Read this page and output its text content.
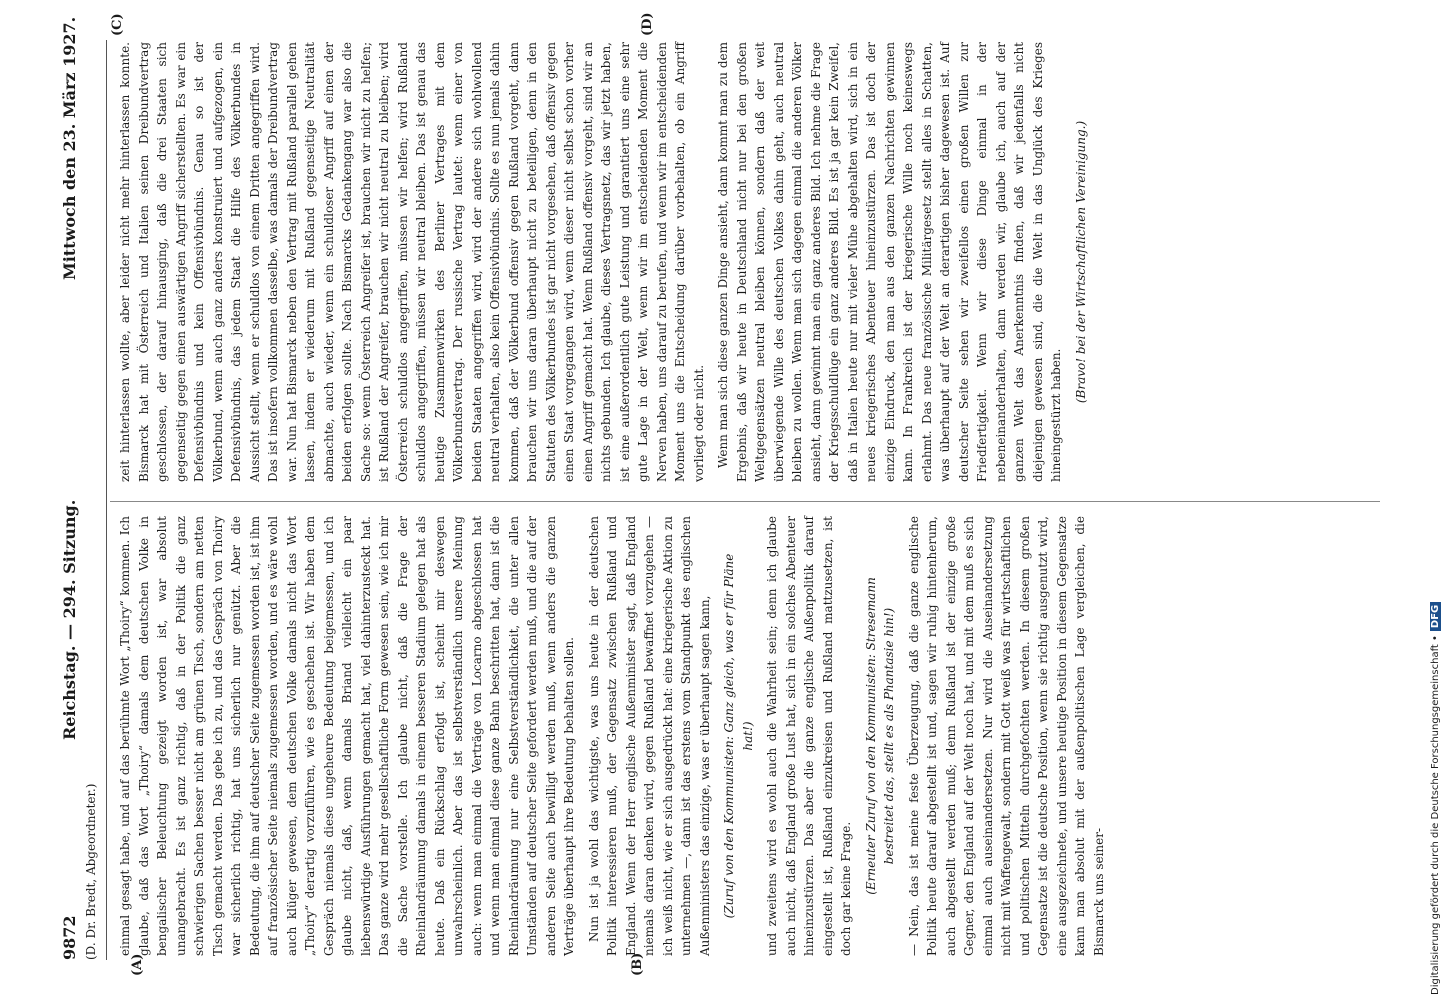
9872 (D. Dr. Bredt, Abgeordneter.)
Reichstag. — 294. Sitzung.
Mittwoch den 23. März 1927.
(A)	(B)
(C)	(D)

einmal gesagt habe, und auf das berühmte Wort „Thoiry“ kommen. Ich glaube, daß das Wort „Thoiry“ damals dem deutschen Volke in bengalischer Beleuchtung gezeigt worden ist, war absolut unangebracht. Es ist ganz richtig, daß in der Politik die ganz schwierigen Sachen besser nicht am grünen Tisch, sondern am netten Tisch gemacht werden. Das gebe ich zu, und das Gespräch von Thoiry war sicherlich richtig, hat uns sicherlich nur genützt. Aber die Bedeutung, die ihm auf deutscher Seite zugemessen worden ist, ist ihm auf französischer Seite niemals zugemessen worden, und es wäre wohl auch klüger gewesen, dem deutschen Volke damals nicht das Wort „Thoiry“ derartig vorzuführen, wie es geschehen ist. Wir haben dem Gespräch niemals diese ungeheure Bedeutung beigemessen, und ich glaube nicht, daß, wenn damals Briand vielleicht ein paar liebenswürdige Ausführungen gemacht hat, viel dahinterzusteckt hat. Das ganze wird mehr gesellschaftliche Form gewesen sein, wie ich mir die Sache vorstelle. Ich glaube nicht, daß die Frage der Rheinlandräumung damals in einem besseren Stadium gelegen hat als heute. Daß ein Rückschlag erfolgt ist, scheint mir deswegen unwahrscheinlich. Aber das ist selbstverständlich unsere Meinung auch: wenn man einmal die Verträge von Locarno abgeschlossen hat und wenn man einmal diese ganze Bahn beschritten hat, dann ist die Rheinlandräumung nur eine Selbstverständlichkeit, die unter allen Umständen auf deutscher Seite gefordert werden muß, und die auf der anderen Seite auch bewilligt werden muß, wenn anders die ganzen Verträge überhaupt ihre Bedeutung behalten sollen. Nun ist ja wohl das wichtigste, was uns heute in der deutschen Politik interessieren muß, der Gegensatz zwischen Rußland und England. Wenn der Herr englische Außenminister sagt, daß England niemals daran denken wird, gegen Rußland bewaffnet vorzugehen — ich weiß nicht, wie er sich ausgedrückt hat: eine kriegerische Aktion zu unternehmen —, dann ist das erstens vom Standpunkt des englischen Außenministers das einzige, was er überhaupt sagen kann, (Zuruf von den Kommunisten: Ganz gleich, was er für Pläne hat!) und zweitens wird es wohl auch die Wahrheit sein; denn ich glaube auch nicht, daß England große Lust hat, sich in ein solches Abenteuer hineinzustürzen. Das aber die ganze englische Außenpolitik darauf eingestellt ist, Rußland einzukreisen und Rußland mattzusetzen, ist doch gar keine Frage. (Erneuter Zuruf von den Kommunisten: Stresemann bestreitet das, stellt es als Phantasie hin!) — Nein, das ist meine feste Überzeugung, daß die ganze englische Politik heute darauf abgestellt ist und, sagen wir ruhig hintenherum, auch abgestellt werden muß; denn Rußland ist der einzige große Gegner, den England auf der Welt noch hat, und mit dem muß es sich einmal auch auseinandersetzen. Nur wird die Auseinandersetzung nicht mit Waffengewalt, sondern mit Gott weiß was für wirtschaftlichen und politischen Mitteln durchgefochten werden. In diesem großen Gegensatze ist die deutsche Position, wenn sie richtig ausgenutzt wird, eine ausgezeichnete, und unsere heutige Position in diesem Gegensatze kann man absolut mit der außenpolitischen Lage vergleichen, die Bismarck uns seiner-

zeit hinterlassen wollte, aber leider nicht mehr hinterlassen konnte. Bismarck hat mit Österreich und Italien seinen Dreibundvertrag geschlossen, der darauf hinausging, daß die drei Staaten sich gegenseitig gegen einen auswärtigen Angriff sicherstellten. Es war ein Defensivbündnis und kein Offensivbündnis. Genau so ist der Völkerbund, wenn auch ganz anders konstruiert und aufgezogen, ein Defensivbündnis, das jedem Staat die Hilfe des Völkerbundes in Aussicht stellt, wenn er schuldlos von einem Dritten angegriffen wird. Das ist insofern vollkommen dasselbe, was damals der Dreibundvertrag war. Nun hat Bismarck neben den Vertrag mit Rußland parallel gehen lassen, indem er wiederum mit Rußland gegenseitige Neutralität abmachte, auch wieder, wenn ein schuldloser Angriff auf einen der beiden erfolgen sollte. Nach Bismarcks Gedankengang war also die Sache so: wenn Österreich Angreifer ist, brauchen wir nicht zu helfen; ist Rußland der Angreifer, brauchen wir nicht neutral zu bleiben; wird Österreich schuldlos angegriffen, müssen wir helfen; wird Rußland schuldlos angegriffen, müssen wir neutral bleiben. Das ist genau das heutige Zusammenwirken des Berliner Vertrages mit dem Völkerbundsvertrag. Der russische Vertrag lautet: wenn einer von beiden Staaten angegriffen wird, wird der andere sich wohlwollend neutral verhalten, also kein Offensivbündnis. Sollte es nun jemals dahin kommen, daß der Völkerbund offensiv gegen Rußland vorgeht, dann brauchen wir uns daran überhaupt nicht zu beteiligen, denn in den Statuten des Völkerbundes ist gar nicht vorgesehen, daß offensiv gegen einen Staat vorgegangen wird, wenn dieser nicht selbst schon vorher einen Angriff gemacht hat. Wenn Rußland offensiv vorgeht, sind wir an nichts gebunden. Ich glaube, dieses Vertragsnetz, das wir jetzt haben, ist eine außerordentlich gute Leistung und garantiert uns eine sehr gute Lage in der Welt, wenn wir im entscheidenden Moment die Nerven haben, uns darauf zu berufen, und wenn wir im entscheidenden Moment uns die Entscheidung darüber vorbehalten, ob ein Angriff vorliegt oder nicht. Wenn man sich diese ganzen Dinge ansieht, dann kommt man zu dem Ergebnis, daß wir heute in Deutschland nicht nur bei den großen Weltgegensätzen neutral bleiben können, sondern daß der weit überwiegende Wille des deutschen Volkes dahin geht, auch neutral bleiben zu wollen. Wenn man sich dagegen einmal die anderen Völker ansieht, dann gewinnt man ein ganz anderes Bild. Ich nehme die Frage der Kriegsschuldlüge ein ganz anderes Bild. Es ist ja gar kein Zweifel, daß in Italien heute nur mit vieler Mühe abgehalten wird, sich in ein neues kriegerisches Abenteuer hineinzustürzen. Das ist doch der einzige Eindruck, den man aus den ganzen Nachrichten gewinnen kann. In Frankreich ist der kriegerische Wille noch keineswegs erlahmt. Das neue französische Militärgesetz stellt alles in Schatten, was überhaupt auf der Welt an derartigen bisher dagewesen ist. Auf deutscher Seite sehen wir zweifellos einen großen Willen zur Friedfertigkeit. Wenn wir diese Dinge einmal in der nebeneinanderhalten, dann werden wir, glaube ich, auch auf der ganzen Welt das Anerkenntnis finden, daß wir jedenfalls nicht diejenigen gewesen sind, die die Welt in das Unglück des Krieges hineingestürzt haben.

(Bravo! bei der Wirtschaftlichen Vereinigung.)

Digitalisierung gefördert durch die Deutsche Forschungsgemeinschaft •DFG
